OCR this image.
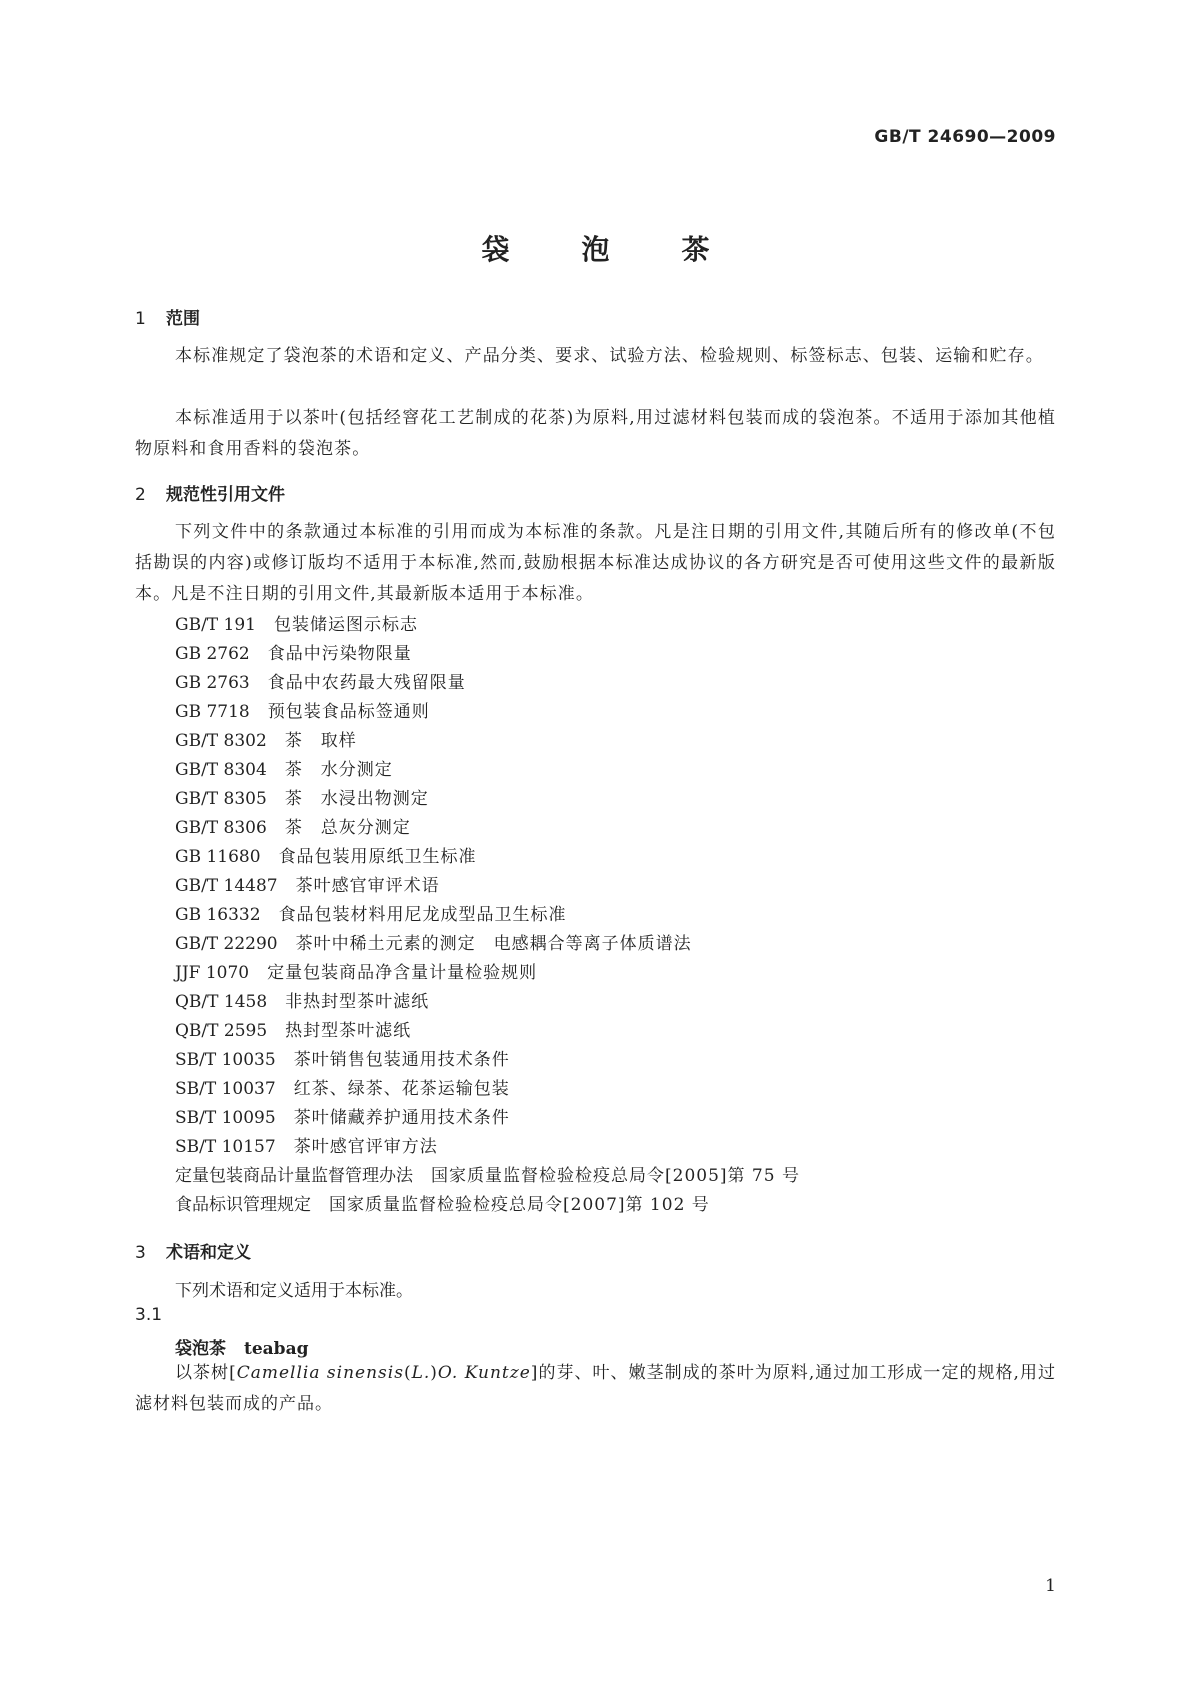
GB/T 24690—2009
袋	泡	茶
1 范围
本标准规定了袋泡茶的术语和定义、产品分类、要求、试验方法、检验规则、标签标志、包装、运输和贮存。
本标准适用于以茶叶(包括经窨花工艺制成的花茶)为原料,用过滤材料包装而成的袋泡茶。不适用于添加其他植物原料和食用香料的袋泡茶。
2 规范性引用文件
下列文件中的条款通过本标准的引用而成为本标准的条款。凡是注日期的引用文件,其随后所有的修改单(不包括勘误的内容)或修订版均不适用于本标准,然而,鼓励根据本标准达成协议的各方研究是否可使用这些文件的最新版本。凡是不注日期的引用文件,其最新版本适用于本标准。
GB/T 191 包装储运图示标志
GB 2762 食品中污染物限量
GB 2763 食品中农药最大残留限量
GB 7718 预包装食品标签通则
GB/T 8302 茶　取样
GB/T 8304 茶　水分测定
GB/T 8305 茶　水浸出物测定
GB/T 8306 茶　总灰分测定
GB 11680 食品包装用原纸卫生标准
GB/T 14487 茶叶感官审评术语
GB 16332 食品包装材料用尼龙成型品卫生标准
GB/T 22290 茶叶中稀土元素的测定　电感耦合等离子体质谱法
JJF 1070 定量包装商品净含量计量检验规则
QB/T 1458 非热封型茶叶滤纸
QB/T 2595 热封型茶叶滤纸
SB/T 10035 茶叶销售包装通用技术条件
SB/T 10037 红茶、绿茶、花茶运输包装
SB/T 10095 茶叶储藏养护通用技术条件
SB/T 10157 茶叶感官评审方法
定量包装商品计量监督管理办法 国家质量监督检验检疫总局令[2005]第 75 号
食品标识管理规定 国家质量监督检验检疫总局令[2007]第 102 号
3 术语和定义
下列术语和定义适用于本标准。
3.1
袋泡茶 teabag
以茶树[Camellia sinensis(L.)O. Kuntze]的芽、叶、嫩茎制成的茶叶为原料,通过加工形成一定的规格,用过滤材料包装而成的产品。
1
